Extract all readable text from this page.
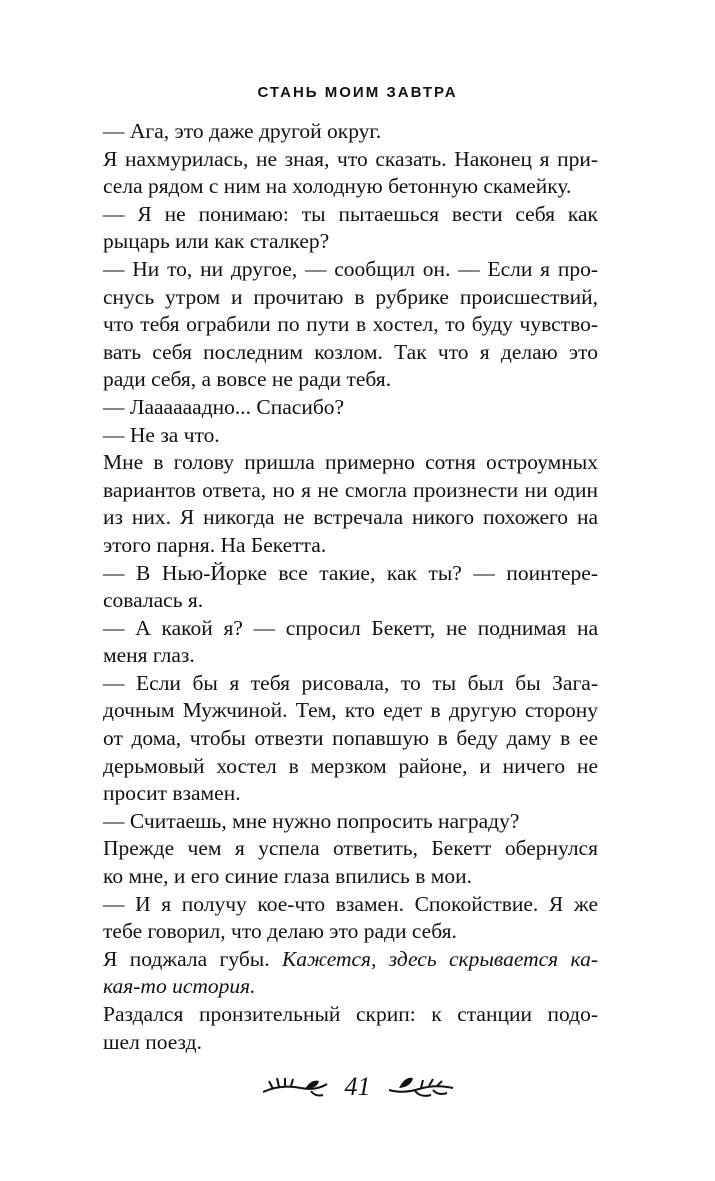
СТАНЬ МОИМ ЗАВТРА
— Ага, это даже другой округ.
Я нахмурилась, не зная, что сказать. Наконец я при-
села рядом с ним на холодную бетонную скамейку.
— Я не понимаю: ты пытаешься вести себя как
рыцарь или как сталкер?
— Ни то, ни другое, — сообщил он. — Если я про-
снусь утром и прочитаю в рубрике происшествий,
что тебя ограбили по пути в хостел, то буду чувство-
вать себя последним козлом. Так что я делаю это
ради себя, а вовсе не ради тебя.
— Лаааааадно... Спасибо?
— Не за что.
Мне в голову пришла примерно сотня остроумных
вариантов ответа, но я не смогла произнести ни один
из них. Я никогда не встречала никого похожего на
этого парня. На Бекетта.
— В Нью-Йорке все такие, как ты? — поинтере-
совалась я.
— А какой я? — спросил Бекетт, не поднимая на
меня глаз.
— Если бы я тебя рисовала, то ты был бы Зага-
дочным Мужчиной. Тем, кто едет в другую сторону
от дома, чтобы отвезти попавшую в беду даму в ее
дерьмовый хостел в мерзком районе, и ничего не
просит взамен.
— Считаешь, мне нужно попросить награду?
Прежде чем я успела ответить, Бекетт обернулся
ко мне, и его синие глаза впились в мои.
— И я получу кое-что взамен. Спокойствие. Я же
тебе говорил, что делаю это ради себя.
Я поджала губы. Кажется, здесь скрывается ка-
кая-то история.
Раздался пронзительный скрип: к станции подо-
шел поезд.
41
